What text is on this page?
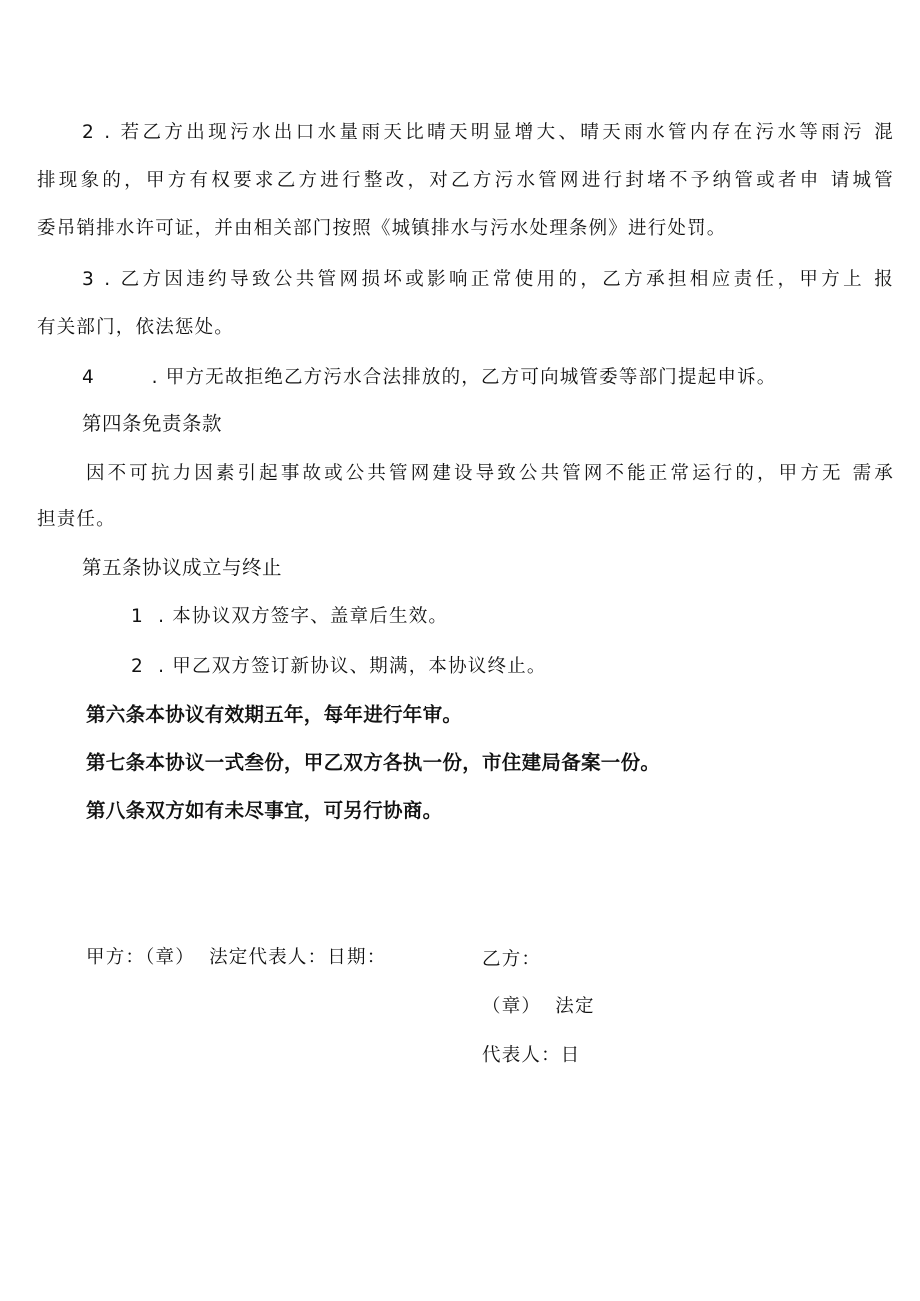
2 . 若乙方出现污水出口水量雨天比晴天明显增大、晴天雨水管内存在污水等雨污 混
排现象的，甲方有权要求乙方进行整改，对乙方污水管网进行封堵不予纳管或者申 请城管
委吊销排水许可证，并由相关部门按照《城镇排水与污水处理条例》进行处罚。
3 . 乙方因违约导致公共管网损坏或影响正常使用的，乙方承担相应责任，甲方上 报
有关部门，依法惩处。
4        . 甲方无故拒绝乙方污水合法排放的，乙方可向城管委等部门提起申诉。
第四条免责条款
因不可抗力因素引起事故或公共管网建设导致公共管网不能正常运行的，甲方无 需承
担责任。
第五条协议成立与终止
1  . 本协议双方签字、盖章后生效。
2  . 甲乙双方签订新协议、期满，本协议终止。
第六条本协议有效期五年，每年进行年审。
第七条本协议一式叁份，甲乙双方各执一份，市住建局备案一份。
第八条双方如有未尽事宜，可另行协商。
甲方：（章）  法定代表人：日期：	乙方：
（章）  法定
代表人：日
